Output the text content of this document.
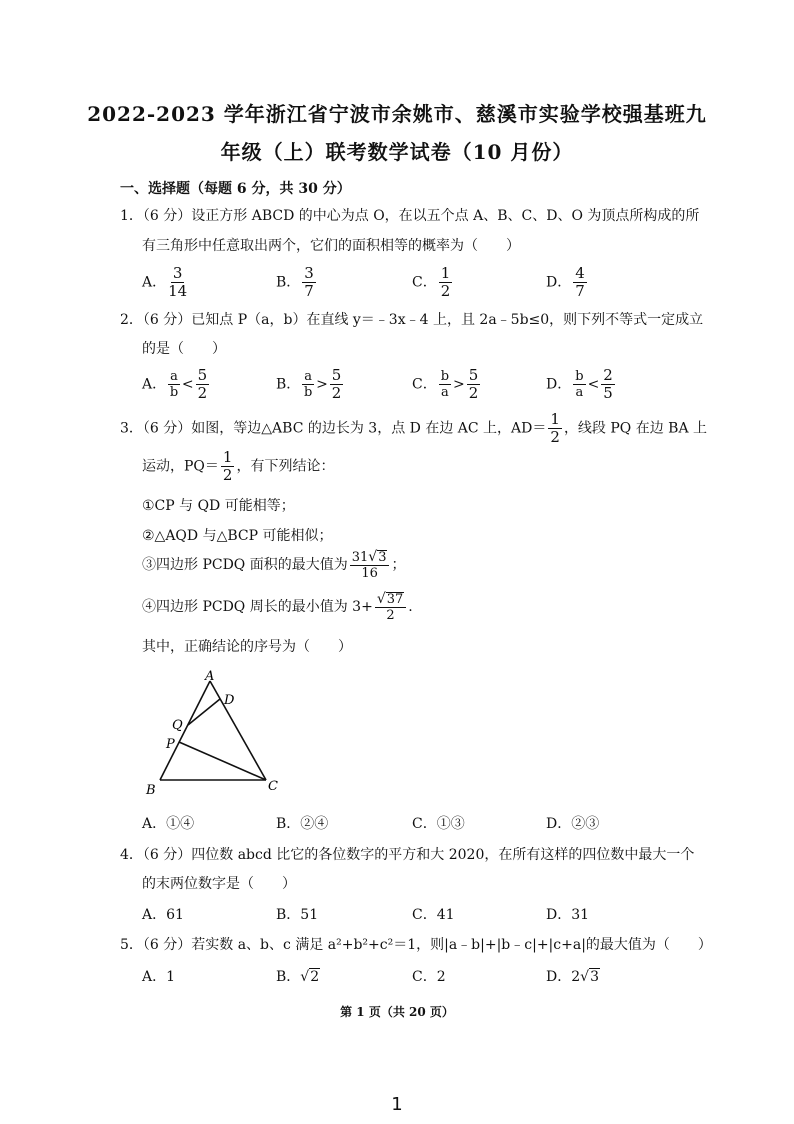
2022-2023 学年浙江省宁波市余姚市、慈溪市实验学校强基班九
年级（上）联考数学试卷（10 月份）
一、选择题（每题 6 分，共 30 分）
1．（6 分）设正方形 ABCD 的中心为点 O，在以五个点 A、B、C、D、O 为顶点所构成的所
有三角形中任意取出两个，它们的面积相等的概率为（　　）
A． $\frac{3}{14}$	B． $\frac{3}{7}$	C． $\frac{1}{2}$	D． $\frac{4}{7}$
2．（6 分）已知点 P（a，b）在直线 y＝﹣3x﹣4 上，且 2a﹣5b≤0，则下列不等式一定成立
的是（　　）
A． $\frac{a}{b} < \frac{5}{2}$	B． $\frac{a}{b} > \frac{5}{2}$	C． $\frac{b}{a} > \frac{5}{2}$	D． $\frac{b}{a} < \frac{2}{5}$
3．（6 分）如图，等边△ABC 的边长为 3，点 D 在边 AC 上，$AD= \frac{1}{2}$ ，线段 PQ 在边 BA 上
运动，$PQ= \frac{1}{2}$ ，有下列结论：
①CP 与 QD 可能相等；
②△AQD 与△BCP 可能相似；
③四边形 PCDQ 面积的最大值为 $\frac{31√3}{16}$ ；
④四边形 PCDQ 周长的最小值为 $3+ \frac{√37}{2}$ .
其中，正确结论的序号为（　　）
A
D
Q
P
B	C
A．①④	B．②④	C．①③	D．②③
4．（6 分）四位数 abcd 比它的各位数字的平方和大 2020，在所有这样的四位数中最大一个
的末两位数字是（　　）
A．61	B．51	C．41	D．31
5．（6 分）若实数 a、b、c 满足 a²+b²+c²＝1，则|a﹣b|+|b﹣c|+|c+a|的最大值为（　　）
A．1	B．√2	C．2	D．2√3
第 1 页（共 20 页）
1
